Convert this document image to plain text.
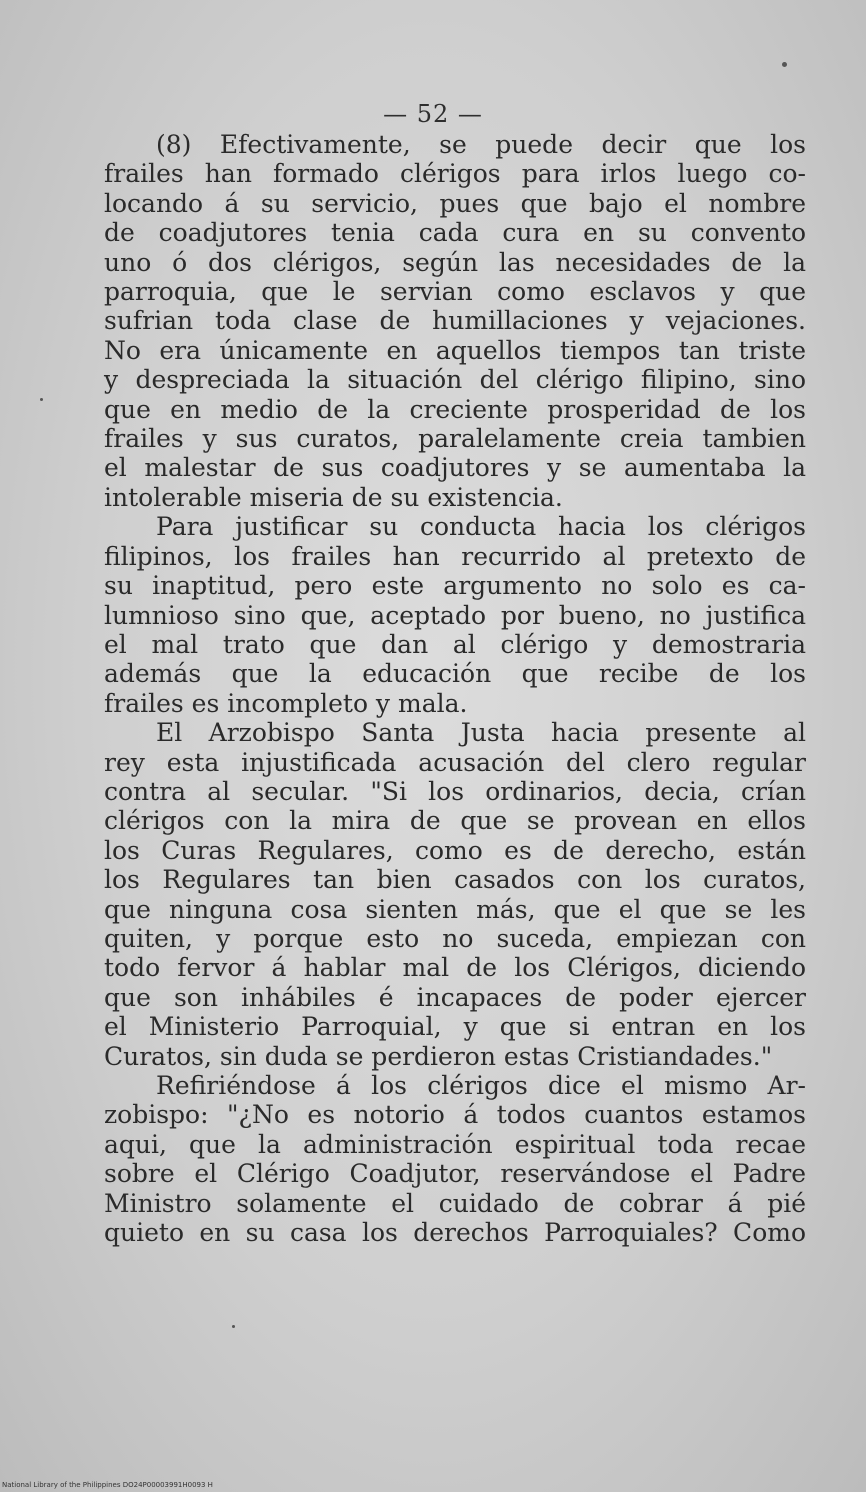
— 52 —
(8) Efectivamente, se puede decir que los
frailes han formado clérigos para irlos luego co-
locando á su servicio, pues que bajo el nombre
de coadjutores tenia cada cura en su convento
uno ó dos clérigos, según las necesidades de la
parroquia, que le servian como esclavos y que
sufrian toda clase de humillaciones y vejaciones.
No era únicamente en aquellos tiempos tan triste
y despreciada la situación del clérigo filipino, sino
que en medio de la creciente prosperidad de los
frailes y sus curatos, paralelamente creia tambien
el malestar de sus coadjutores y se aumentaba la
intolerable miseria de su existencia.
Para justificar su conducta hacia los clérigos
filipinos, los frailes han recurrido al pretexto de
su inaptitud, pero este argumento no solo es ca-
lumnioso sino que, aceptado por bueno, no justifica
el mal trato que dan al clérigo y demostraria
además que la educación que recibe de los
frailes es incompleto y mala.
El Arzobispo Santa Justa hacia presente al
rey esta injustificada acusación del clero regular
contra al secular. "Si los ordinarios, decia, crían
clérigos con la mira de que se provean en ellos
los Curas Regulares, como es de derecho, están
los Regulares tan bien casados con los curatos,
que ninguna cosa sienten más, que el que se les
quiten, y porque esto no suceda, empiezan con
todo fervor á hablar mal de los Clérigos, diciendo
que son inhábiles é incapaces de poder ejercer
el Ministerio Parroquial, y que si entran en los
Curatos, sin duda se perdieron estas Cristiandades."
Refiriéndose á los clérigos dice el mismo Ar-
zobispo: "¿No es notorio á todos cuantos estamos
aqui, que la administración espiritual toda recae
sobre el Clérigo Coadjutor, reservándose el Padre
Ministro solamente el cuidado de cobrar á pié
quieto en su casa los derechos Parroquiales? Como
National Library of the Philippines DO24P00003991H0093 H
